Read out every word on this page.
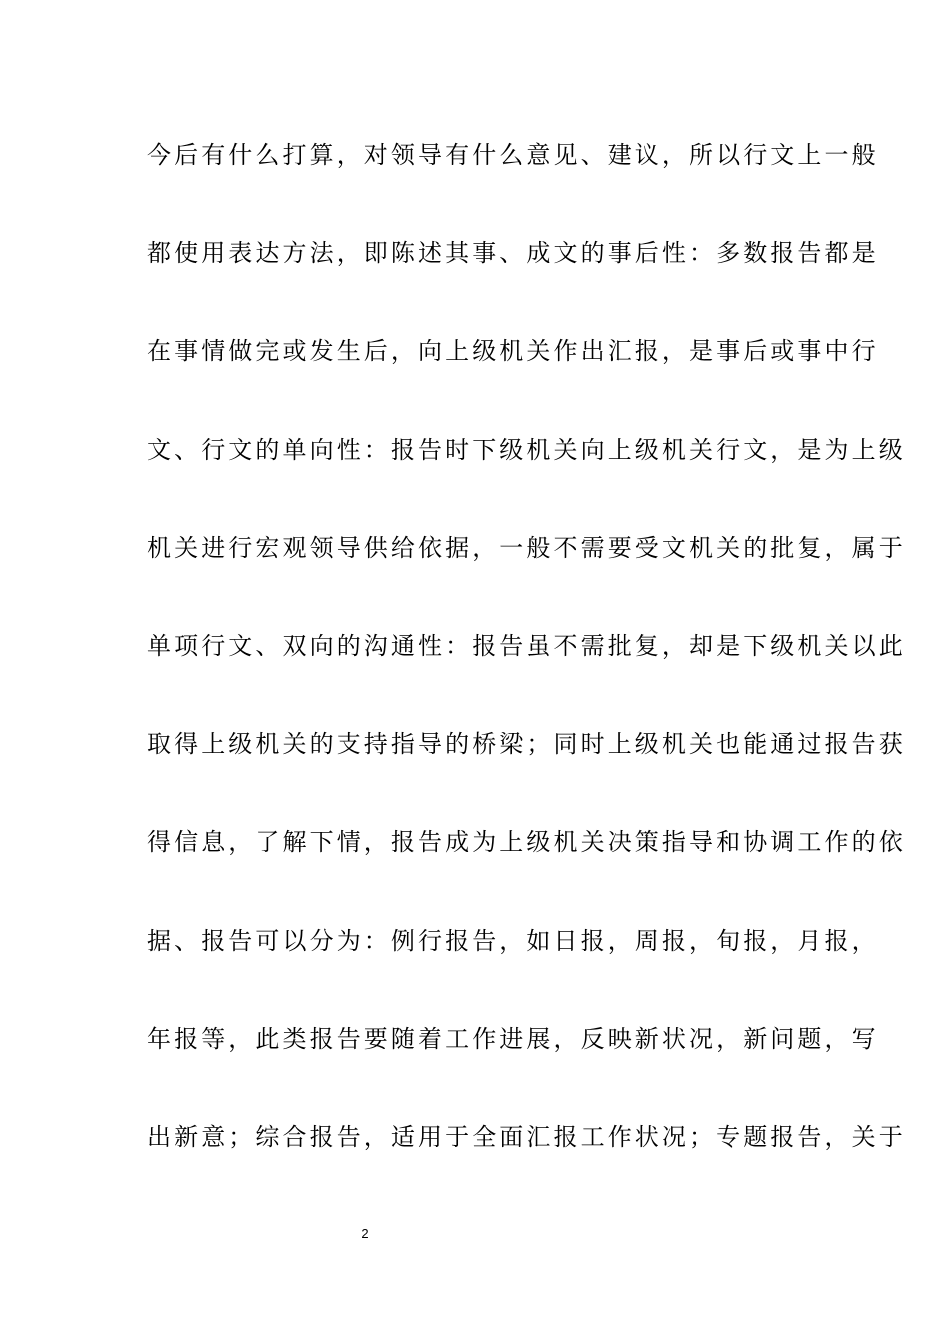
今后有什么打算，对领导有什么意见、建议，所以行文上一般
都使用表达方法，即陈述其事、成文的事后性：多数报告都是
在事情做完或发生后，向上级机关作出汇报，是事后或事中行
文、行文的单向性：报告时下级机关向上级机关行文，是为上级
机关进行宏观领导供给依据，一般不需要受文机关的批复，属于
单项行文、双向的沟通性：报告虽不需批复，却是下级机关以此
取得上级机关的支持指导的桥梁；同时上级机关也能通过报告获
得信息，了解下情，报告成为上级机关决策指导和协调工作的依
据、报告可以分为：例行报告，如日报，周报，旬报，月报，
年报等，此类报告要随着工作进展，反映新状况，新问题，写
出新意；综合报告，适用于全面汇报工作状况；专题报告，关于
2
